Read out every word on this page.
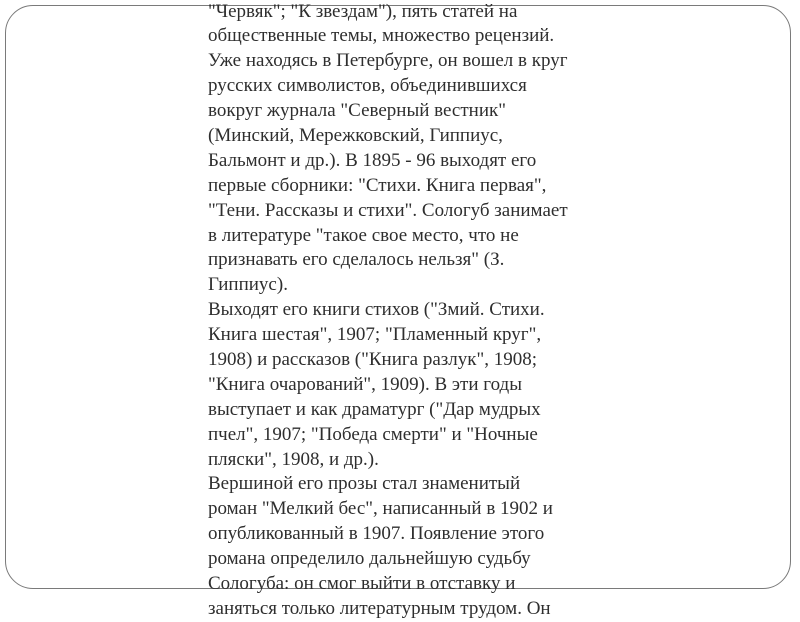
"Червяк"; "К звездам"), пять статей на
общественные темы, множество рецензий.
Уже находясь в Петербурге, он вошел в круг
русских символистов, объединившихся
вокруг журнала "Северный вестник"
(Минский, Мережковский, Гиппиус,
Бальмонт и др.). В 1895 - 96 выходят его
первые сборники: "Стихи. Книга первая",
"Тени. Рассказы и стихи". Сологуб занимает
в литературе "такое свое место, что не
признавать его сделалось нельзя" (З.
Гиппиус).
Выходят его книги стихов ("Змий. Стихи.
Книга шестая", 1907; "Пламенный круг",
1908) и рассказов ("Книга разлук", 1908;
"Книга очарований", 1909). В эти годы
выступает и как драматург ("Дар мудрых
пчел", 1907; "Победа смерти" и "Ночные
пляски", 1908, и др.).
Вершиной его прозы стал знаменитый
роман "Мелкий бес", написанный в 1902 и
опубликованный в 1907. Появление этого
романа определило дальнейшую судьбу
Сологуба: он смог выйти в отставку и
заняться только литературным трудом. Он
